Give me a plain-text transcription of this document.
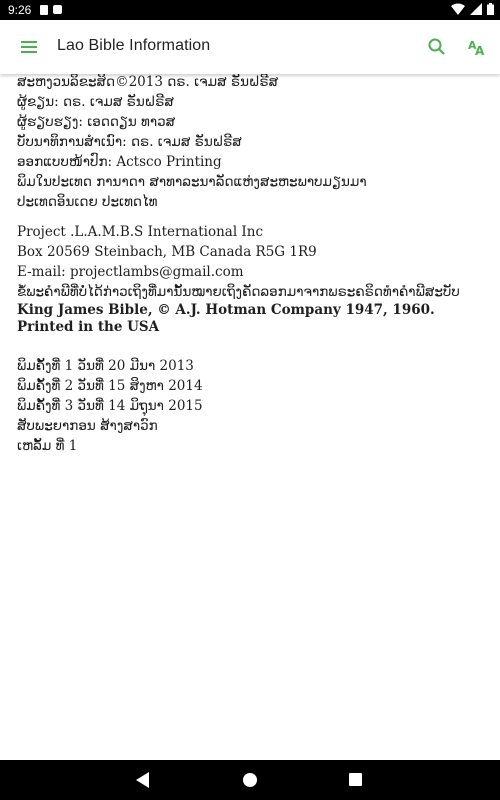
9:26
Lao Bible Information	A A
ສະຫງວນລິຂະສິດ©2013 ດຣ. ເຈມສ ຣັນຝຣີສ
ຜູ້ຂຽນ: ດຣ. ເຈມສ ຣັນຝຣີສ
ຜູ້ຮຽບຮຽງ: ເອດດຽນ ທາວສ
ບັບນາທິການສຳເນົາ: ດຣ. ເຈມສ ຣັນຝຣີສ
ອອກແບບໜ້າປົກ: Actsco Printing
ພິມໃນປະເທດ ການາດາ ສາທາລະນາລັດແຫ່ງສະຫະພາບມຽນມາ
ປະເທດອິນເດຍ ປະເທດໄທ
Project .L.A.M.B.S International Inc
Box 20569 Steinbach, MB Canada R5G 1R9
E-mail: projectlambs@gmail.com
ຂໍ້ພະຄຳພີທີ່ບໍ່ໄດ້ກ່າວເຖິງທີ່ມານັ້ນໝາຍເຖິງຄັດລອກມາຈາກພຣະຄຣິດທຳຄຳພີສະບັບ
King James Bible, © A.J. Hotman Company 1947, 1960. Printed in the USA
ພິມຄັ້ງທີ່ 1 ວັນທີ່ 20 ມີນາ 2013
ພິມຄັ້ງທີ່ 2 ວັນທີ່ 15 ສິງຫາ 2014
ພິມຄັ້ງທີ່ 3 ວັນທີ່ 14 ມິຖຸນາ 2015
ສັບພະຍາກອນ ສ້າງສາວົກ
ເຫລັ້ມ ທີ່ 1
